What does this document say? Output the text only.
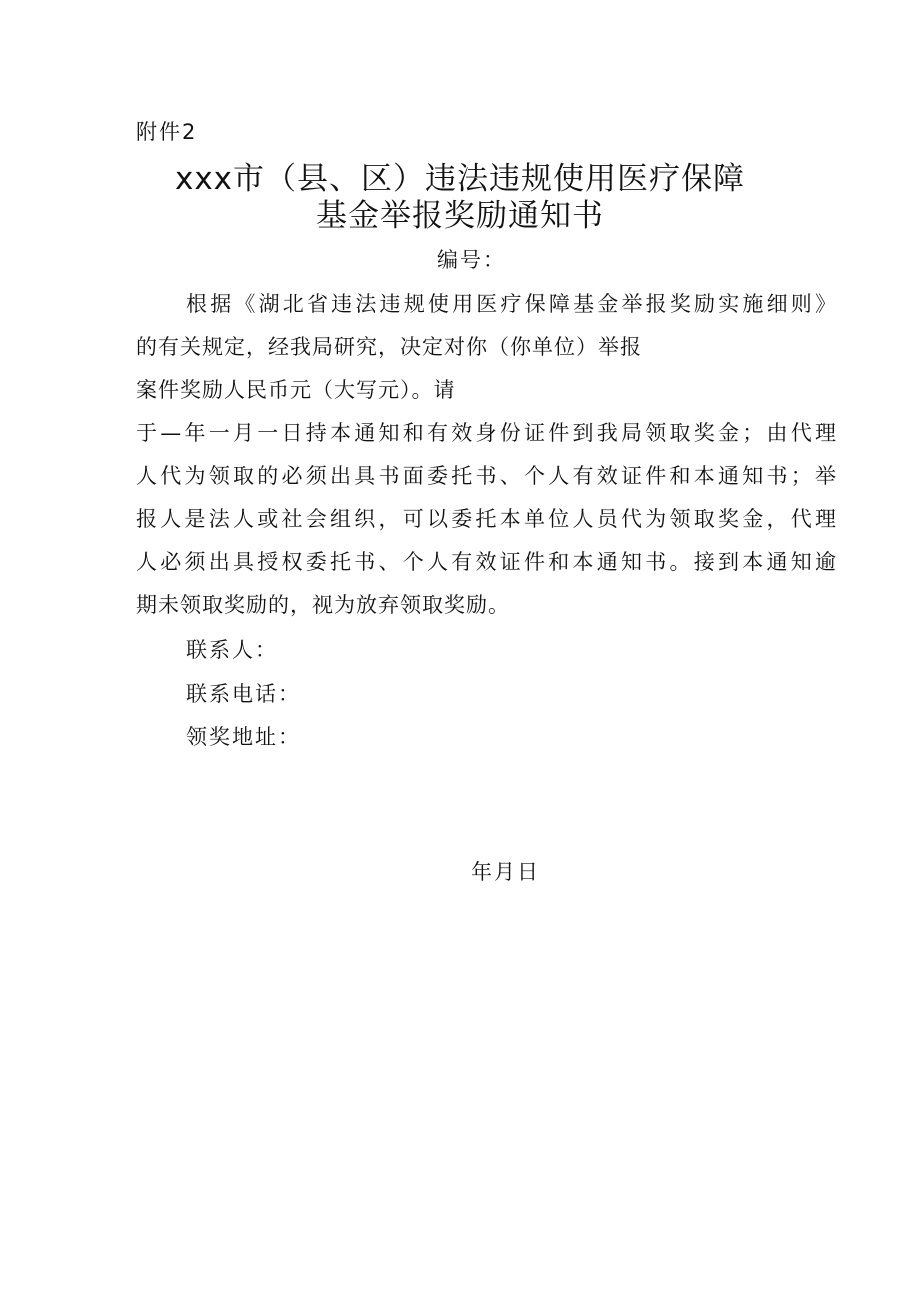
附件2
xxx市（县、区）违法违规使用医疗保障
基金举报奖励通知书
编号：
根据《湖北省违法违规使用医疗保障基金举报奖励实施细则》
的有关规定，经我局研究，决定对你（你单位）举报
案件奖励人民币元（大写元）。请
于—年一月一日持本通知和有效身份证件到我局领取奖金；由代理
人代为领取的必须出具书面委托书、个人有效证件和本通知书；举
报人是法人或社会组织，可以委托本单位人员代为领取奖金，代理
人必须出具授权委托书、个人有效证件和本通知书。接到本通知逾
期未领取奖励的，视为放弃领取奖励。
联系人：
联系电话：
领奖地址：
年月日
